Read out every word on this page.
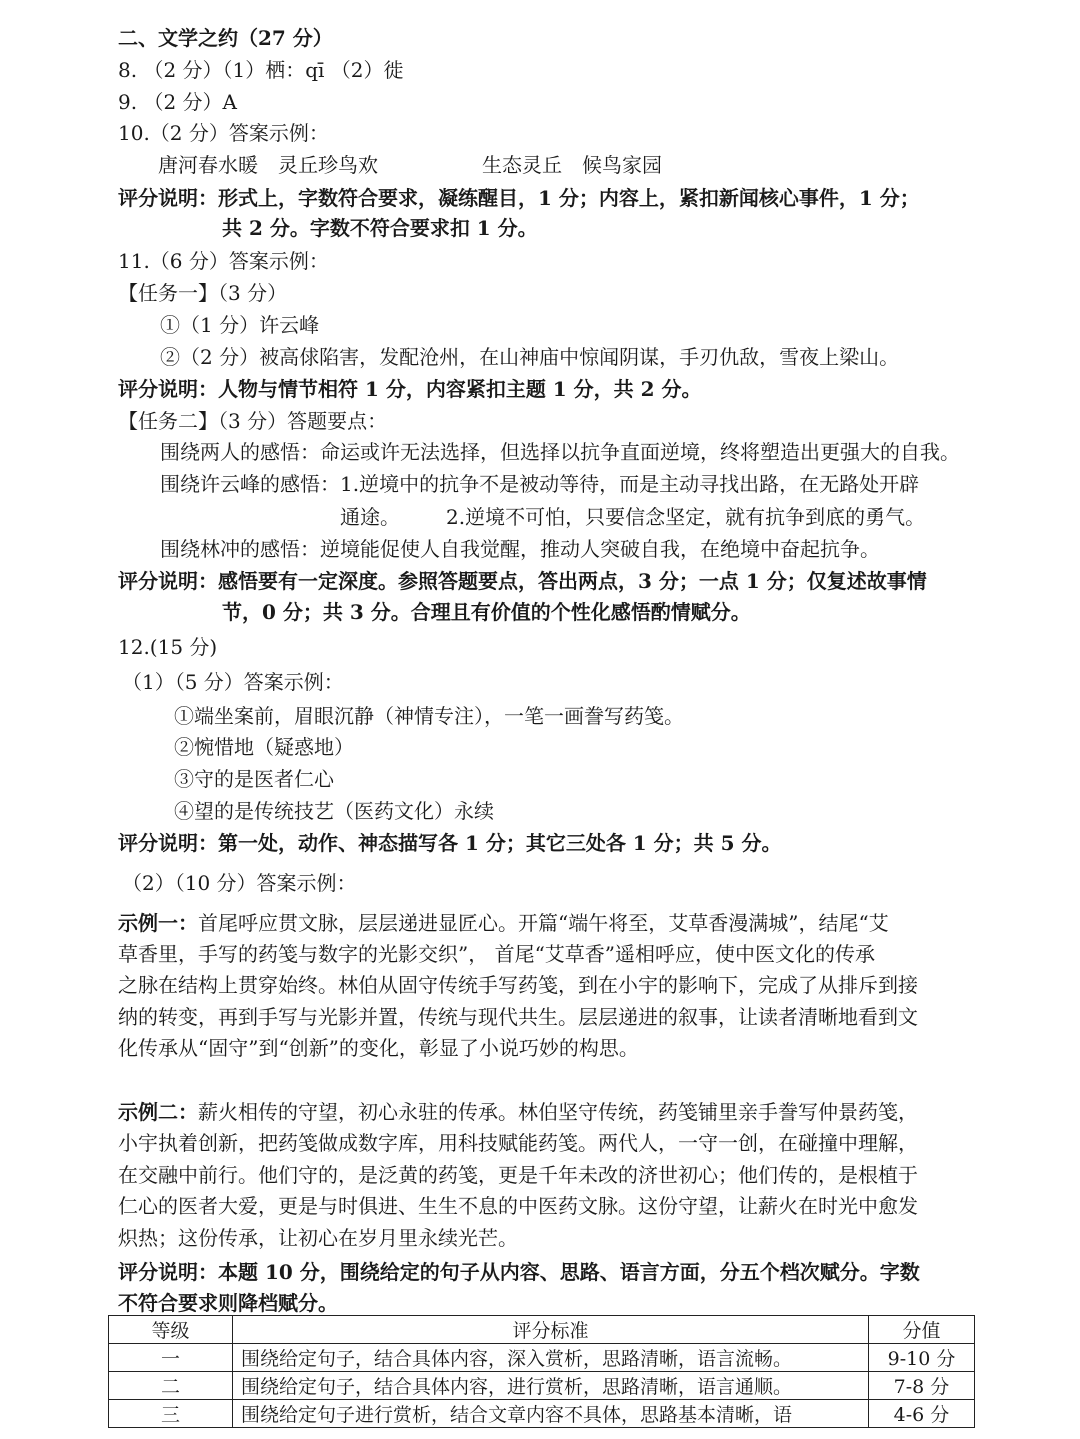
二、文学之约（27 分）
8. （2 分）（1）栖：qī （2）徙
9. （2 分）A
10.（2 分）答案示例：
唐河春水暖　灵丘珍鸟欢	生态灵丘　候鸟家园
评分说明：形式上，字数符合要求，凝练醒目，1 分；内容上，紧扣新闻核心事件，1 分；
共 2 分。字数不符合要求扣 1 分。
11.（6 分）答案示例：
【任务一】（3 分）
①（1 分）许云峰
②（2 分）被高俅陷害，发配沧州，在山神庙中惊闻阴谋，手刃仇敌，雪夜上梁山。
评分说明：人物与情节相符 1 分，内容紧扣主题 1 分，共 2 分。
【任务二】（3 分）答题要点：
围绕两人的感悟：命运或许无法选择，但选择以抗争直面逆境，终将塑造出更强大的自我。
围绕许云峰的感悟：1.逆境中的抗争不是被动等待，而是主动寻找出路，在无路处开辟
通途。 2.逆境不可怕，只要信念坚定，就有抗争到底的勇气。
围绕林冲的感悟：逆境能促使人自我觉醒，推动人突破自我，在绝境中奋起抗争。
评分说明：感悟要有一定深度。参照答题要点，答出两点，3 分；一点 1 分；仅复述故事情
节，0 分；共 3 分。合理且有价值的个性化感悟酌情赋分。
12.(15 分)
（1）（5 分）答案示例：
①端坐案前，眉眼沉静（神情专注），一笔一画誊写药笺。
②惋惜地（疑惑地）
③守的是医者仁心
④望的是传统技艺（医药文化）永续
评分说明：第一处，动作、神态描写各 1 分；其它三处各 1 分；共 5 分。
（2）（10 分）答案示例：
示例一：首尾呼应贯文脉，层层递进显匠心。开篇“端午将至，艾草香漫满城”，结尾“艾
草香里，手写的药笺与数字的光影交织”， 首尾“艾草香”遥相呼应，使中医文化的传承
之脉在结构上贯穿始终。林伯从固守传统手写药笺，到在小宇的影响下，完成了从排斥到接
纳的转变，再到手写与光影并置，传统与现代共生。层层递进的叙事，让读者清晰地看到文
化传承从“固守”到“创新”的变化，彰显了小说巧妙的构思。
示例二：薪火相传的守望，初心永驻的传承。林伯坚守传统，药笺铺里亲手誊写仲景药笺，
小宇执着创新，把药笺做成数字库，用科技赋能药笺。两代人，一守一创，在碰撞中理解，
在交融中前行。他们守的，是泛黄的药笺，更是千年未改的济世初心；他们传的，是根植于
仁心的医者大爱，更是与时俱进、生生不息的中医药文脉。这份守望，让薪火在时光中愈发
炽热；这份传承，让初心在岁月里永续光芒。
评分说明：本题 10 分，围绕给定的句子从内容、思路、语言方面，分五个档次赋分。字数
不符合要求则降档赋分。
等级	评分标准	分值
一	围绕给定句子，结合具体内容，深入赏析，思路清晰，语言流畅。	9-10 分
二	围绕给定句子，结合具体内容，进行赏析，思路清晰，语言通顺。	7-8 分
三	围绕给定句子进行赏析，结合文章内容不具体，思路基本清晰，语	4-6 分
